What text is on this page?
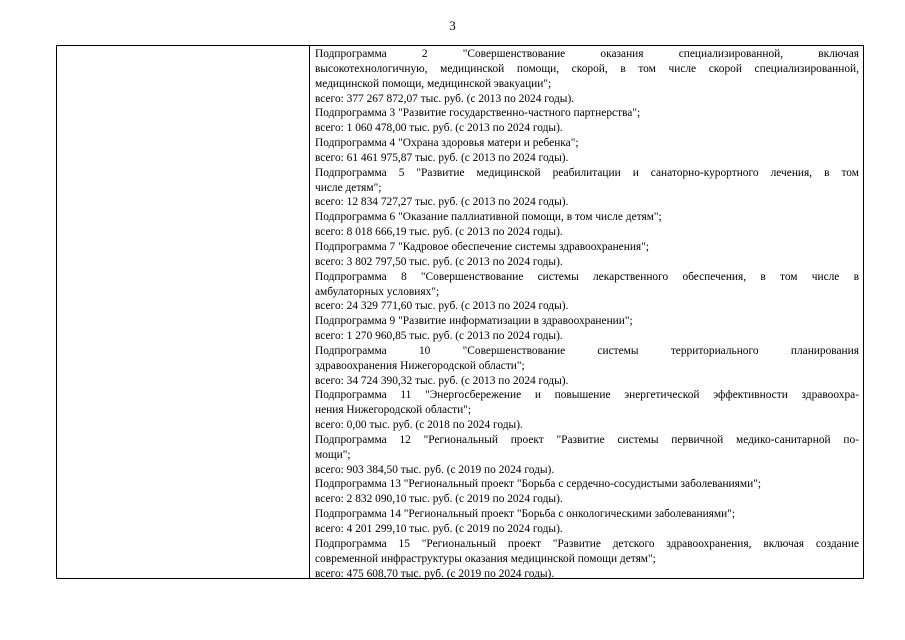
3
Подпрограмма 2 "Совершенствование оказания специализированной, включая
высокотехнологичную, медицинской помощи, скорой, в том числе скорой специализированной,
медицинской помощи, медицинской эвакуации";
всего: 377 267 872,07 тыс. руб. (с 2013 по 2024 годы).
Подпрограмма 3 "Развитие государственно-частного партнерства";
всего: 1 060 478,00 тыс. руб. (с 2013 по 2024 годы).
Подпрограмма 4 "Охрана здоровья матери и ребенка";
всего: 61 461 975,87 тыс. руб. (с 2013 по 2024 годы).
Подпрограмма 5 "Развитие медицинской реабилитации и санаторно-курортного лечения, в том
числе детям";
всего: 12 834 727,27 тыс. руб. (с 2013 по 2024 годы).
Подпрограмма 6 "Оказание паллиативной помощи, в том числе детям";
всего: 8 018 666,19 тыс. руб. (с 2013 по 2024 годы).
Подпрограмма 7 "Кадровое обеспечение системы здравоохранения";
всего: 3 802 797,50 тыс. руб. (с 2013 по 2024 годы).
Подпрограмма 8 "Совершенствование системы лекарственного обеспечения, в том числе в
амбулаторных условиях";
всего: 24 329 771,60 тыс. руб. (с 2013 по 2024 годы).
Подпрограмма 9 "Развитие информатизации в здравоохранении";
всего: 1 270 960,85 тыс. руб. (с 2013 по 2024 годы).
Подпрограмма 10 "Совершенствование системы территориального планирования
здравоохранения Нижегородской области";
всего: 34 724 390,32 тыс. руб. (с 2013 по 2024 годы).
Подпрограмма 11 "Энергосбережение и повышение энергетической эффективности здравоохра-
нения Нижегородской области";
всего: 0,00 тыс. руб. (с 2018 по 2024 годы).
Подпрограмма 12 "Региональный проект "Развитие системы первичной медико-санитарной по-
мощи";
всего: 903 384,50 тыс. руб. (с 2019 по 2024 годы).
Подпрограмма 13 "Региональный проект "Борьба с сердечно-сосудистыми заболеваниями";
всего: 2 832 090,10 тыс. руб. (с 2019 по 2024 годы).
Подпрограмма 14 "Региональный проект "Борьба с онкологическими заболеваниями";
всего: 4 201 299,10 тыс. руб. (с 2019 по 2024 годы).
Подпрограмма 15 "Региональный проект "Развитие детского здравоохранения, включая создание
современной инфраструктуры оказания медицинской помощи детям";
всего: 475 608,70 тыс. руб. (с 2019 по 2024 годы).
